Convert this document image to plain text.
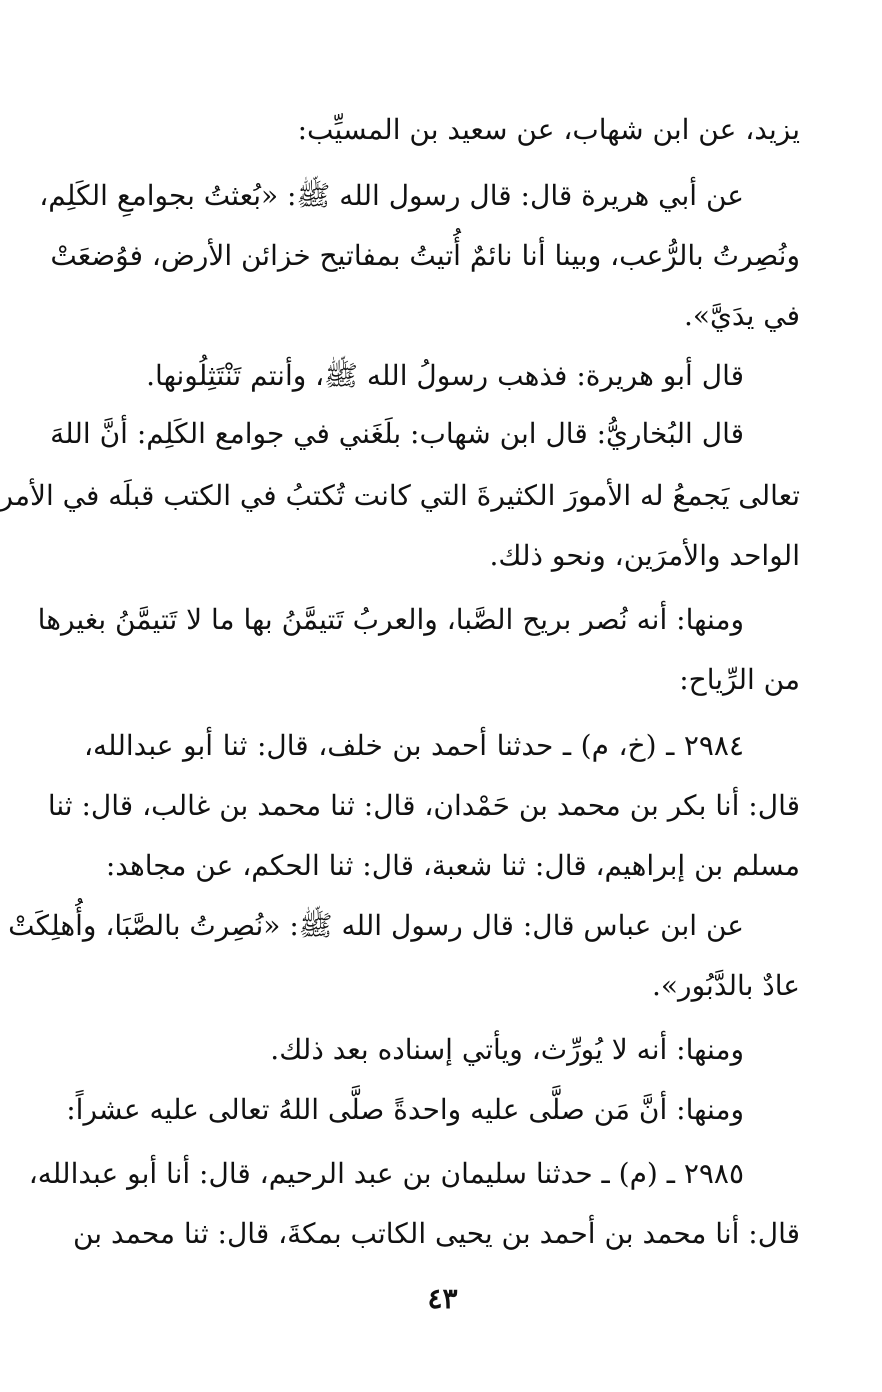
يزيد، عن ابن شهاب، عن سعيد بن المسيِّب:
عن أبي هريرة قال: قال رسول الله ﷺ: «بُعثتُ بجوامعِ الكَلِم،
ونُصِرتُ بالرُّعب، وبينا أنا نائمٌ أُتيتُ بمفاتيح خزائن الأرض، فوُضعَتْ
في يدَيَّ».
قال أبو هريرة: فذهب رسولُ الله ﷺ، وأنتم تَنْتَثِلُونها.
قال البُخاريُّ: قال ابن شهاب: بلَغَني في جوامع الكَلِم: أنَّ اللهَ
تعالى يَجمعُ له الأمورَ الكثيرةَ التي كانت تُكتبُ في الكتب قبلَه في الأمر
الواحد والأمرَين، ونحو ذلك.
ومنها: أنه نُصر بريح الصَّبا، والعربُ تَتيمَّنُ بها ما لا تَتيمَّنُ بغيرها
من الرِّياح:
٢٩٨٤ ـ (خ، م) ـ حدثنا أحمد بن خلف، قال: ثنا أبو عبدالله،
قال: أنا بكر بن محمد بن حَمْدان، قال: ثنا محمد بن غالب، قال: ثنا
مسلم بن إبراهيم، قال: ثنا شعبة، قال: ثنا الحكم، عن مجاهد:
عن ابن عباس قال: قال رسول الله ﷺ: «نُصِرتُ بالصَّبَا، وأُهلِكَتْ
عادٌ بالدَّبُور».
ومنها: أنه لا يُورِّث، ويأتي إسناده بعد ذلك.
ومنها: أنَّ مَن صلَّى عليه واحدةً صلَّى اللهُ تعالى عليه عشراً:
٢٩٨٥ ـ (م) ـ حدثنا سليمان بن عبد الرحيم، قال: أنا أبو عبدالله،
قال: أنا محمد بن أحمد بن يحيى الكاتب بمكةَ، قال: ثنا محمد بن
٤٣
